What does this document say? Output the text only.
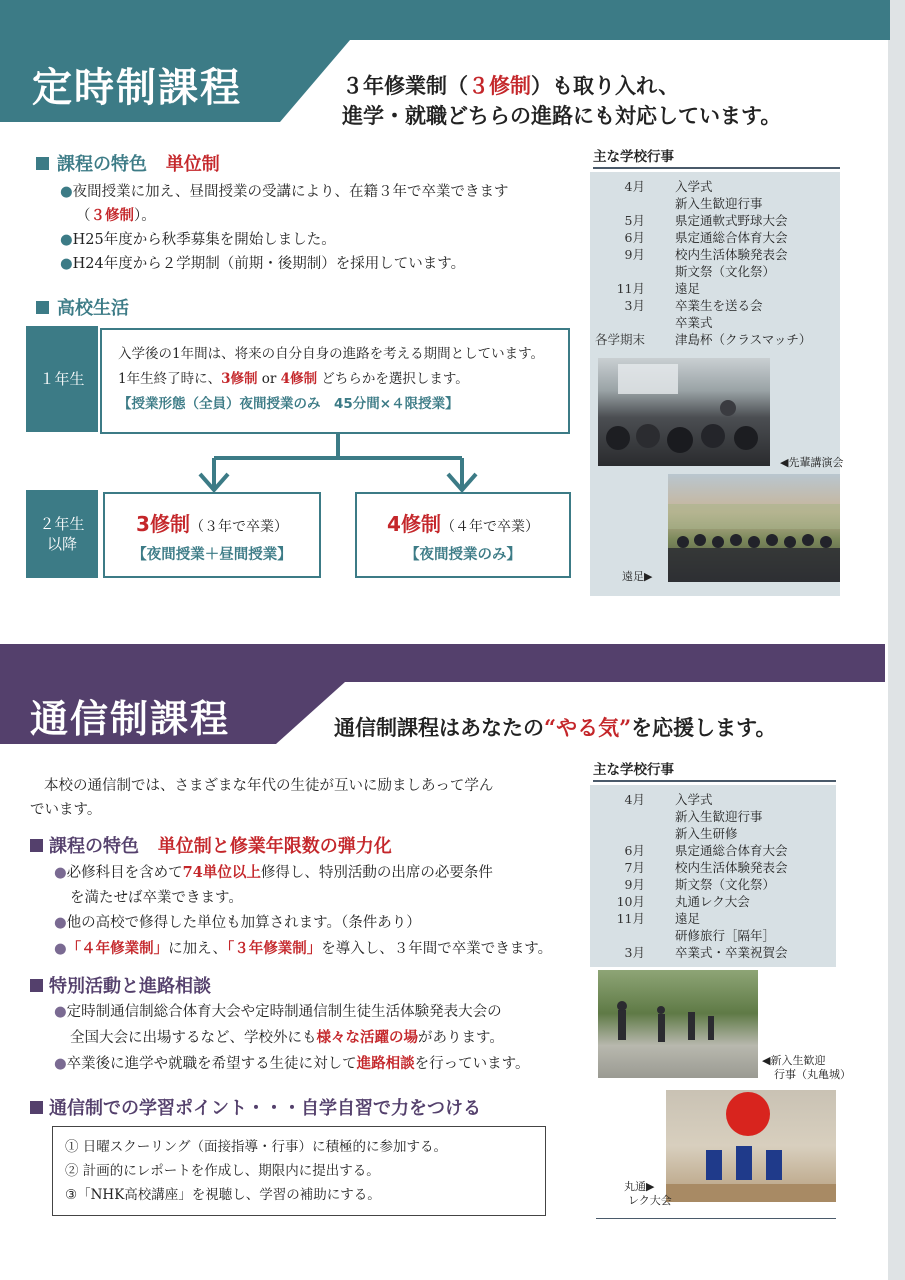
定時制課程	３年修業制（３修制）も取り入れ、
進学・就職どちらの進路にも対応しています。
課程の特色 単位制
●夜間授業に加え、昼間授業の受講により、在籍３年で卒業できます
（３修制）。
●H25年度から秋季募集を開始しました。
●H24年度から２学期制（前期・後期制）を採用しています。
高校生活
１年生
入学後の1年間は、将来の自分自身の進路を考える期間としています。
1年生終了時に、3修制 or 4修制 どちらかを選択します。
【授業形態（全員）夜間授業のみ　45分間×４限授業】
２年生
以降
3修制（３年で卒業）
【夜間授業＋昼間授業】
4修制（４年で卒業）
【夜間授業のみ】
主な学校行事
4月	入学式
新入生歓迎行事
5月	県定通軟式野球大会
6月	県定通総合体育大会
9月	校内生活体験発表会
斯文祭（文化祭）
11月	遠足
3月	卒業生を送る会
卒業式
各学期末	津島杯（クラスマッチ）
◀先輩講演会
遠足▶
通信制課程	通信制課程はあなたの“やる気”を応援します。
本校の通信制では、さまざまな年代の生徒が互いに励ましあって学ん
でいます。
課程の特色 単位制と修業年限数の弾力化
●必修科目を含めて74単位以上修得し、特別活動の出席の必要条件
を満たせば卒業できます。
●他の高校で修得した単位も加算されます。（条件あり）
●「４年修業制」に加え、「３年修業制」を導入し、３年間で卒業できます。
特別活動と進路相談
●定時制通信制総合体育大会や定時制通信制生徒生活体験発表大会の
全国大会に出場するなど、学校外にも様々な活躍の場があります。
●卒業後に進学や就職を希望する生徒に対して進路相談を行っています。
通信制での学習ポイント・・・自学自習で力をつける
① 日曜スクーリング（面接指導・行事）に積極的に参加する。
② 計画的にレポートを作成し、期限内に提出する。
③「NHK高校講座」を視聴し、学習の補助にする。
主な学校行事
4月	入学式
新入生歓迎行事
新入生研修
6月	県定通総合体育大会
7月	校内生活体験発表会
9月	斯文祭（文化祭）
10月	丸通レク大会
11月	遠足
研修旅行［隔年］
3月	卒業式・卒業祝賀会
◀新入生歓迎
行事（丸亀城）
丸通▶
レク大会
